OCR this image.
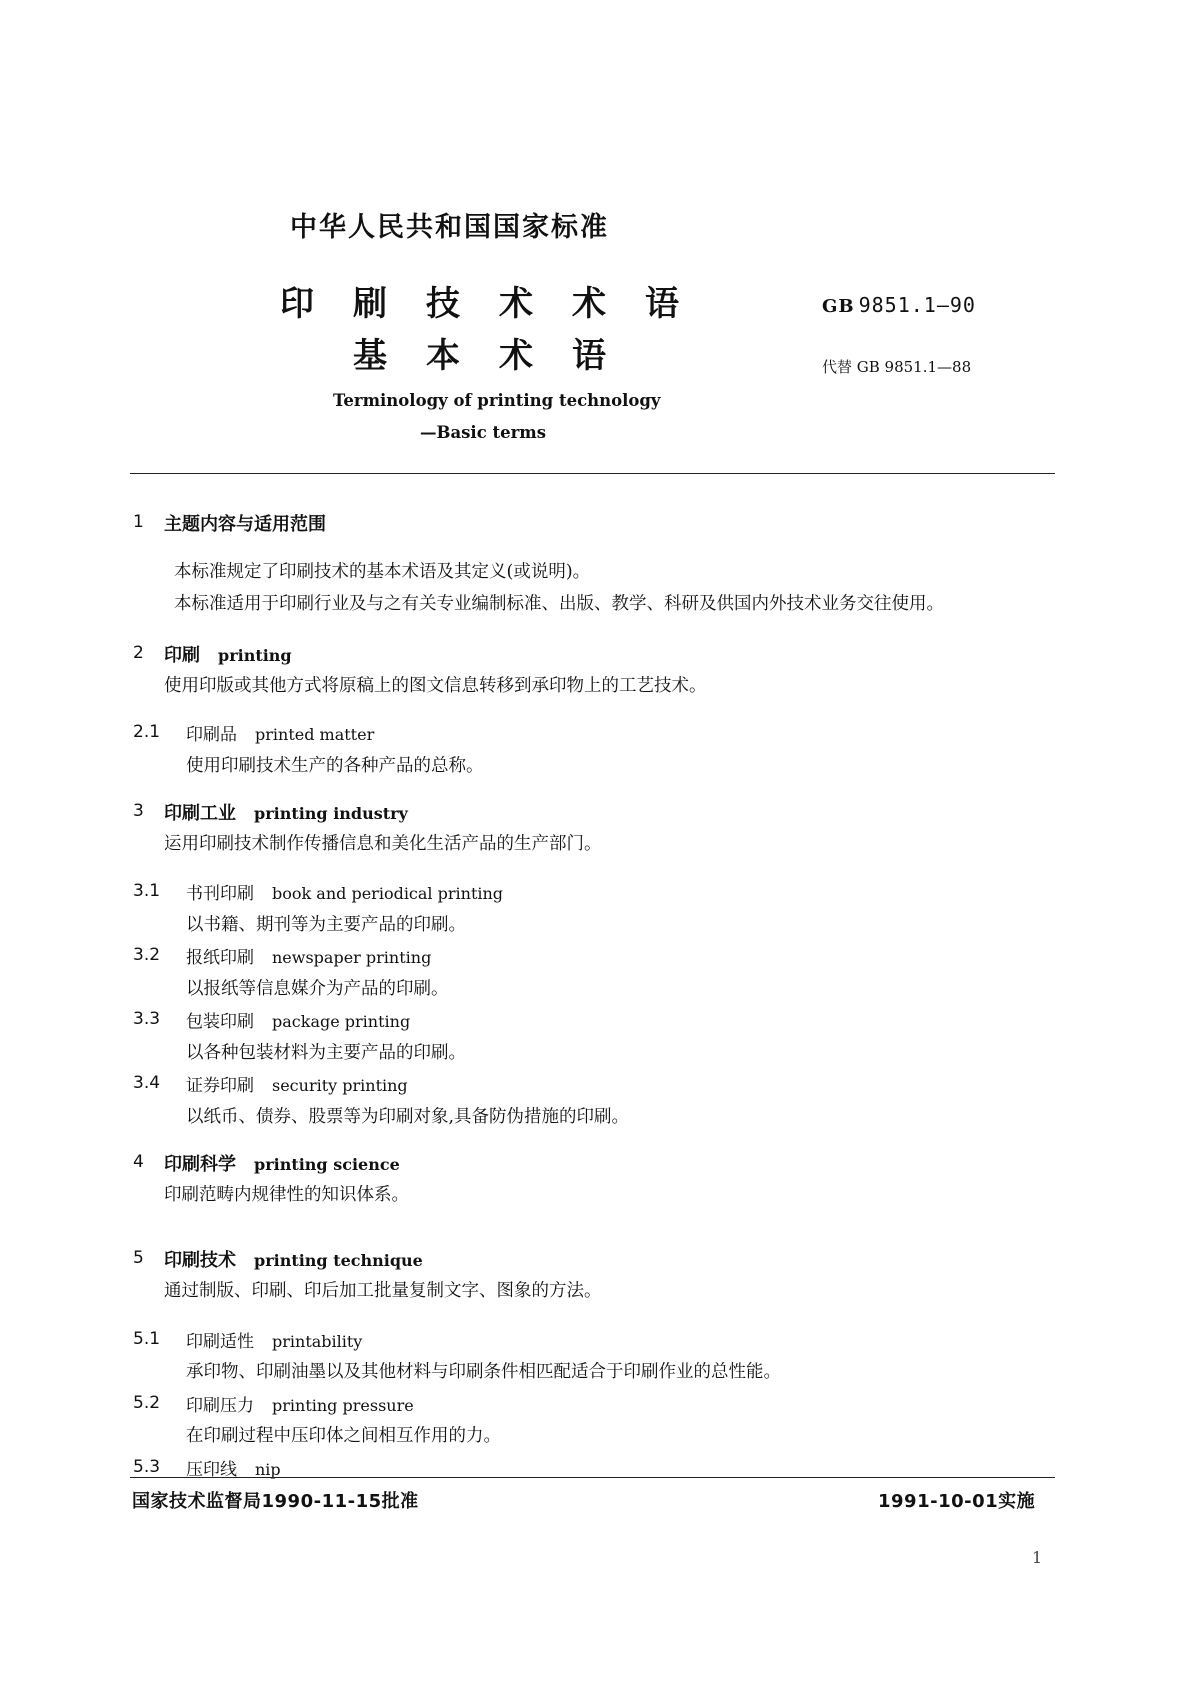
中华人民共和国国家标准
印 刷 技 术 术 语
基 本 术 语
GB 9851.1—90
代替 GB 9851.1—88
Terminology of printing technology
—Basic terms
1 主题内容与适用范围
本标准规定了印刷技术的基本术语及其定义(或说明)。
本标准适用于印刷行业及与之有关专业编制标准、出版、教学、科研及供国内外技术业务交往使用。
2 印刷 printing
使用印版或其他方式将原稿上的图文信息转移到承印物上的工艺技术。
2.1 印刷品 printed matter
使用印刷技术生产的各种产品的总称。
3 印刷工业 printing industry
运用印刷技术制作传播信息和美化生活产品的生产部门。
3.1 书刊印刷 book and periodical printing
以书籍、期刊等为主要产品的印刷。
3.2 报纸印刷 newspaper printing
以报纸等信息媒介为产品的印刷。
3.3 包装印刷 package printing
以各种包装材料为主要产品的印刷。
3.4 证券印刷 security printing
以纸币、债券、股票等为印刷对象,具备防伪措施的印刷。
4 印刷科学 printing science
印刷范畴内规律性的知识体系。
5 印刷技术 printing technique
通过制版、印刷、印后加工批量复制文字、图象的方法。
5.1 印刷适性 printability
承印物、印刷油墨以及其他材料与印刷条件相匹配适合于印刷作业的总性能。
5.2 印刷压力 printing pressure
在印刷过程中压印体之间相互作用的力。
5.3 压印线 nip
国家技术监督局1990-11-15批准	1991-10-01实施
1
